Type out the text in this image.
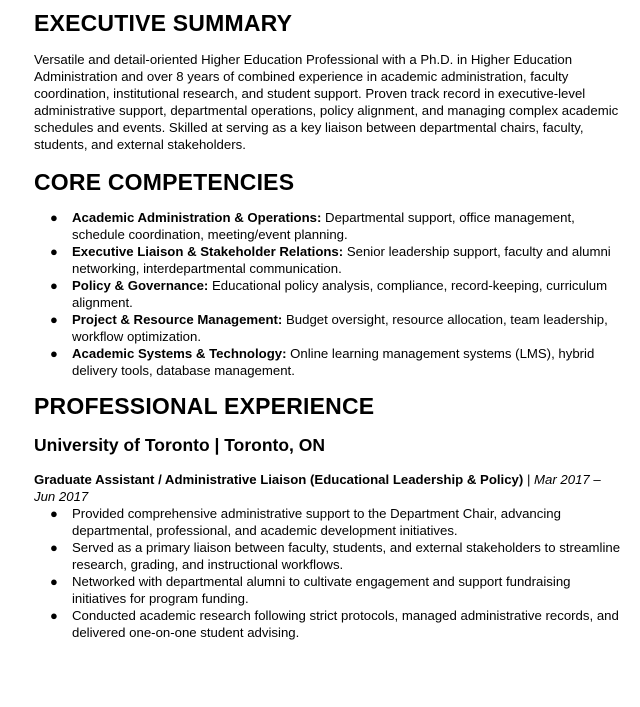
EXECUTIVE SUMMARY
Versatile and detail-oriented Higher Education Professional with a Ph.D. in Higher Education Administration and over 8 years of combined experience in academic administration, faculty coordination, institutional research, and student support. Proven track record in executive-level administrative support, departmental operations, policy alignment, and managing complex academic schedules and events. Skilled at serving as a key liaison between departmental chairs, faculty, students, and external stakeholders.
CORE COMPETENCIES
● Academic Administration & Operations: Departmental support, office management, schedule coordination, meeting/event planning.
● Executive Liaison & Stakeholder Relations: Senior leadership support, faculty and alumni networking, interdepartmental communication.
● Policy & Governance: Educational policy analysis, compliance, record-keeping, curriculum alignment.
● Project & Resource Management: Budget oversight, resource allocation, team leadership, workflow optimization.
● Academic Systems & Technology: Online learning management systems (LMS), hybrid delivery tools, database management.
PROFESSIONAL EXPERIENCE
University of Toronto | Toronto, ON
Graduate Assistant / Administrative Liaison (Educational Leadership & Policy) | Mar 2017 – Jun 2017
● Provided comprehensive administrative support to the Department Chair, advancing departmental, professional, and academic development initiatives.
● Served as a primary liaison between faculty, students, and external stakeholders to streamline research, grading, and instructional workflows.
● Networked with departmental alumni to cultivate engagement and support fundraising initiatives for program funding.
● Conducted academic research following strict protocols, managed administrative records, and delivered one-on-one student advising.
